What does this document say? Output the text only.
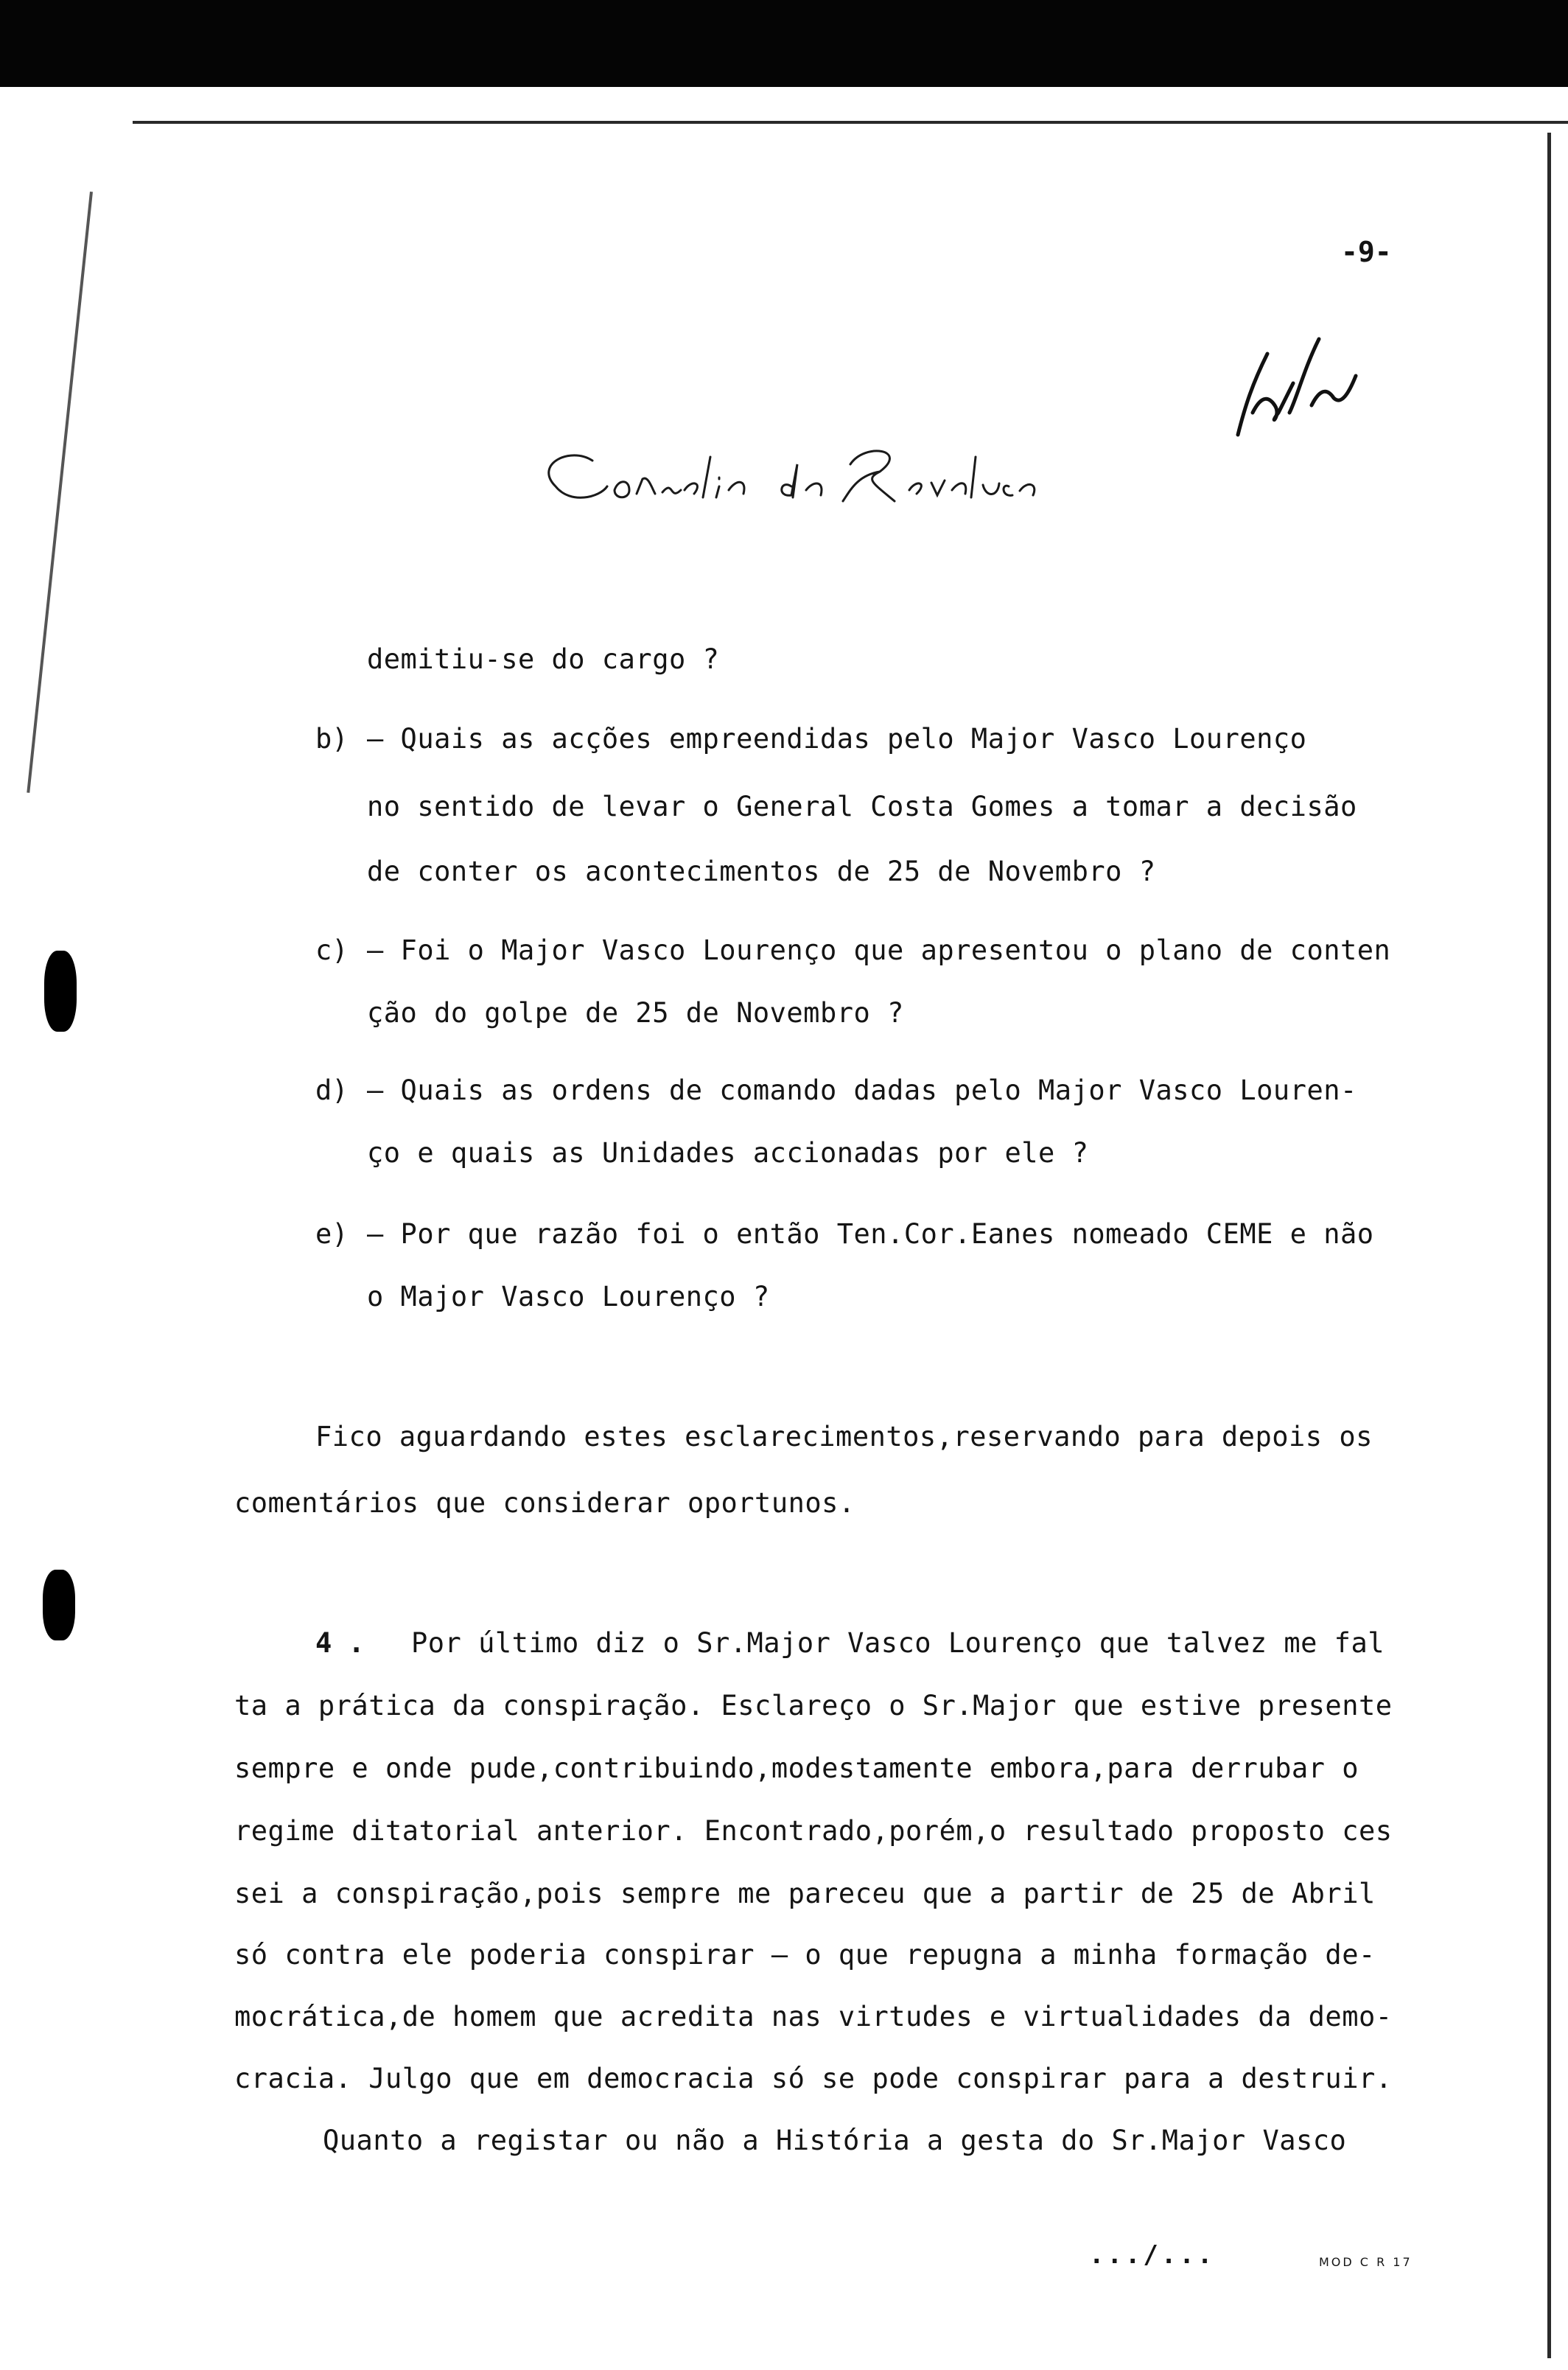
-9-
demitiu-se do cargo ?
b) — Quais as acções empreendidas pelo Major Vasco Lourenço
no sentido de levar o General Costa Gomes a tomar a decisão
de conter os acontecimentos de 25 de Novembro ?
c) — Foi o Major Vasco Lourenço que apresentou o plano de conten
ção do golpe de 25 de Novembro ?
d) — Quais as ordens de comando dadas pelo Major Vasco Louren-
ço e quais as Unidades accionadas por ele ?
e) — Por que razão foi o então Ten.Cor.Eanes nomeado CEME e não
o Major Vasco Lourenço ?
Fico aguardando estes esclarecimentos,reservando para depois os
comentários que considerar oportunos.
4 . Por último diz o Sr.Major Vasco Lourenço que talvez me fal
ta a prática da conspiração. Esclareço o Sr.Major que estive presente
sempre e onde pude,contribuindo,modestamente embora,para derrubar o
regime ditatorial anterior. Encontrado,porém,o resultado proposto ces
sei a conspiração,pois sempre me pareceu que a partir de 25 de Abril
só contra ele poderia conspirar — o que repugna a minha formação de-
mocrática,de homem que acredita nas virtudes e virtualidades da demo-
cracia. Julgo que em democracia só se pode conspirar para a destruir.
Quanto a registar ou não a História a gesta do Sr.Major Vasco
.../...	MOD C R 17
